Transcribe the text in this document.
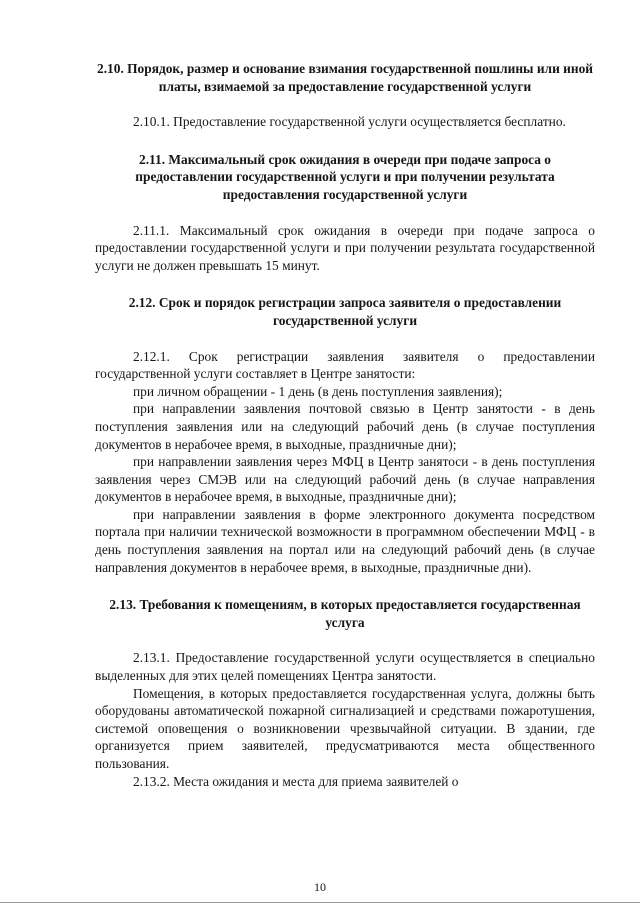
2.10. Порядок, размер и основание взимания государственной пошлины или иной платы, взимаемой за предоставление государственной услуги

2.10.1. Предоставление государственной услуги осуществляется бесплатно.

2.11. Максимальный срок ожидания в очереди при подаче запроса о предоставлении государственной услуги и при получении результата предоставления государственной услуги

2.11.1. Максимальный срок ожидания в очереди при подаче запроса о предоставлении государственной услуги и при получении результата государственной услуги не должен превышать 15 минут.

2.12. Срок и порядок регистрации запроса заявителя о предоставлении государственной услуги

2.12.1. Срок регистрации заявления заявителя о предоставлении государственной услуги составляет в Центре занятости:

при личном обращении - 1 день (в день поступления заявления);

при направлении заявления почтовой связью в Центр занятости - в день поступления заявления или на следующий рабочий день (в случае поступления документов в нерабочее время, в выходные, праздничные дни);

при направлении заявления через МФЦ в Центр занятоси - в день поступления заявления через СМЭВ или на следующий рабочий день (в случае направления документов в нерабочее время, в выходные, праздничные дни);

при направлении заявления в форме электронного документа посредством портала при наличии технической возможности в программном обеспечении МФЦ - в день поступления заявления на портал или на следующий рабочий день (в случае направления документов в нерабочее время, в выходные, праздничные дни).

2.13. Требования к помещениям, в которых предоставляется государственная услуга

2.13.1. Предоставление государственной услуги осуществляется в специально выделенных для этих целей помещениях Центра занятости.

Помещения, в которых предоставляется государственная услуга, должны быть оборудованы автоматической пожарной сигнализацией и средствами пожаротушения, системой оповещения о возникновении чрезвычайной ситуации. В здании, где организуется прием заявителей, предусматриваются места общественного пользования.

2.13.2. Места ожидания и места для приема заявителей о

10
